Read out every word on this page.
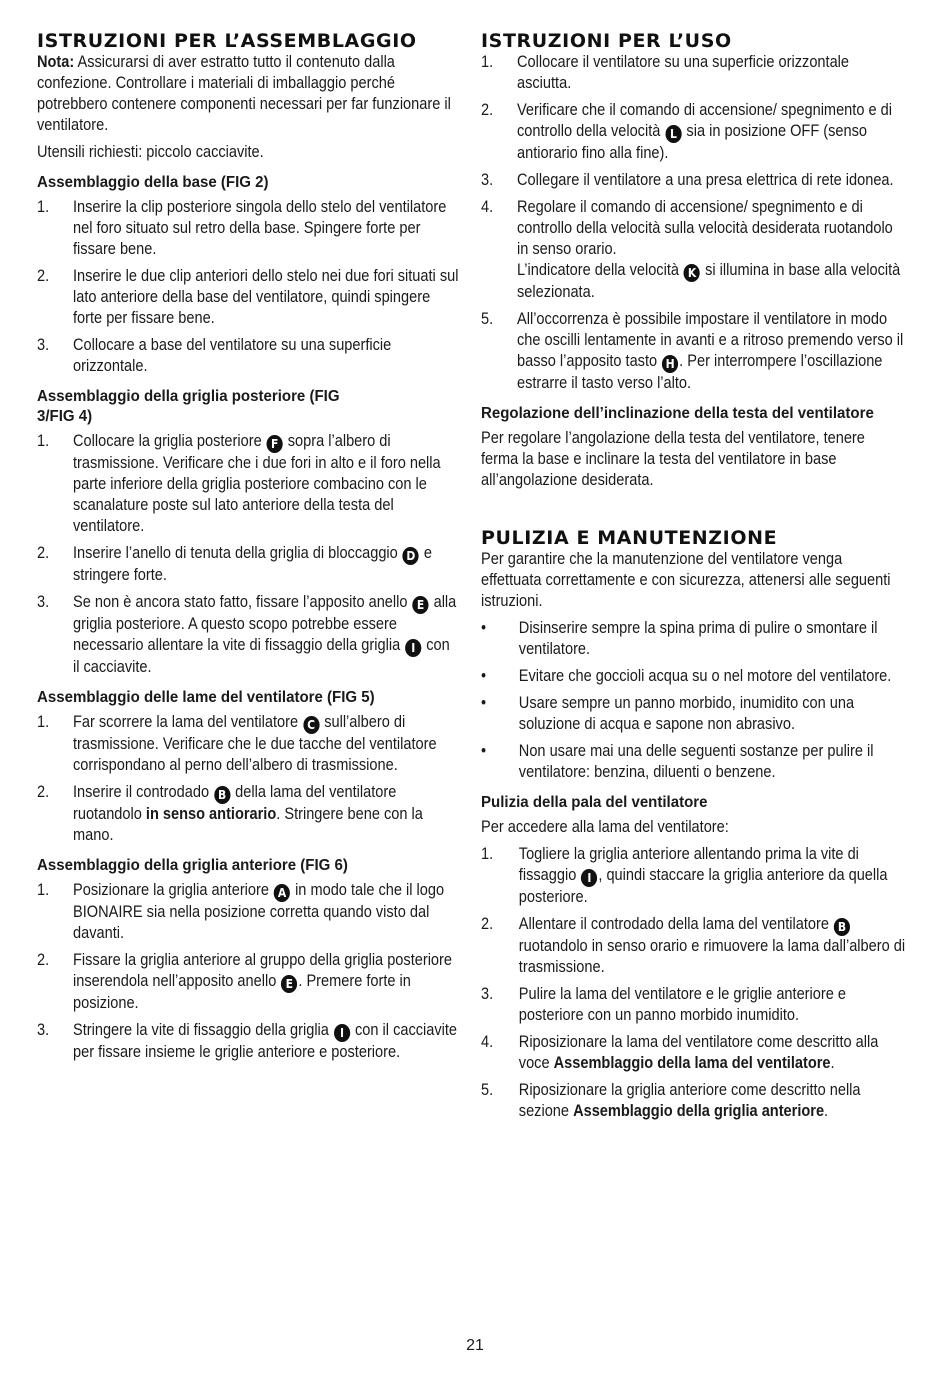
ISTRUZIONI PER L’ASSEMBLAGGIO

Nota: Assicurarsi di aver estratto tutto il contenuto dalla confezione. Controllare i materiali di imballaggio perché potrebbero contenere componenti necessari per far funzionare il ventilatore.

Utensili richiesti: piccolo cacciavite.

Assemblaggio della base (FIG 2)
1. Inserire la clip posteriore singola dello stelo del ventilatore nel foro situato sul retro della base. Spingere forte per fissare bene.
2. Inserire le due clip anteriori dello stelo nei due fori situati sul lato anteriore della base del ventilatore, quindi spingere forte per fissare bene.
3. Collocare a base del ventilatore su una superficie orizzontale.
Assemblaggio della griglia posteriore (FIG 3/FIG 4)
1. Collocare la griglia posteriore F sopra l’albero di trasmissione. Verificare che i due fori in alto e il foro nella parte inferiore della griglia posteriore combacino con le scanalature poste sul lato anteriore della testa del ventilatore.
2. Inserire l’anello di tenuta della griglia di bloccaggio D e stringere forte.
3. Se non è ancora stato fatto, fissare l’apposito anello E alla griglia posteriore. A questo scopo potrebbe essere necessario allentare la vite di fissaggio della griglia I con il cacciavite.
Assemblaggio delle lame del ventilatore (FIG 5)
1. Far scorrere la lama del ventilatore C sull’albero di trasmissione. Verificare che le due tacche del ventilatore corrispondano al perno dell’albero di trasmissione.
2. Inserire il controdado B della lama del ventilatore ruotandolo in senso antiorario. Stringere bene con la mano.
Assemblaggio della griglia anteriore (FIG 6)
1. Posizionare la griglia anteriore A in modo tale che il logo BIONAIRE sia nella posizione corretta quando visto dal davanti.
2. Fissare la griglia anteriore al gruppo della griglia posteriore inserendola nell’apposito anello E . Premere forte in posizione.
3. Stringere la vite di fissaggio della griglia I con il cacciavite per fissare insieme le griglie anteriore e posteriore.
ISTRUZIONI PER L’USO
1. Collocare il ventilatore su una superficie orizzontale asciutta.
2. Verificare che il comando di accensione/ spegnimento e di controllo della velocità L sia in posizione OFF (senso antiorario fino alla fine).
3. Collegare il ventilatore a una presa elettrica di rete idonea.
4. Regolare il comando di accensione/ spegnimento e di controllo della velocità sulla velocità desiderata ruotandolo in senso orario.
L’indicatore della velocità K si illumina in base alla velocità selezionata.
5. All’occorrenza è possibile impostare il ventilatore in modo che oscilli lentamente in avanti e a ritroso premendo verso il basso l’apposito tasto H . Per interrompere l’oscillazione estrarre il tasto verso l’alto.
Regolazione dell’inclinazione della testa del ventilatore

Per regolare l’angolazione della testa del ventilatore, tenere ferma la base e inclinare la testa del ventilatore in base all’angolazione desiderata.

PULIZIA E MANUTENZIONE

Per garantire che la manutenzione del ventilatore venga effettuata correttamente e con sicurezza, attenersi alle seguenti istruzioni.

• Disinserire sempre la spina prima di pulire o smontare il ventilatore.
• Evitare che goccioli acqua su o nel motore del ventilatore.
• Usare sempre un panno morbido, inumidito con una soluzione di acqua e sapone non abrasivo.
• Non usare mai una delle seguenti sostanze per pulire il ventilatore: benzina, diluenti o benzene.
Pulizia della pala del ventilatore

Per accedere alla lama del ventilatore:

1. Togliere la griglia anteriore allentando prima la vite di fissaggio I , quindi staccare la griglia anteriore da quella posteriore.
2. Allentare il controdado della lama del ventilatore B ruotandolo in senso orario e rimuovere la lama dall’albero di trasmissione.
3. Pulire la lama del ventilatore e le griglie anteriore e posteriore con un panno morbido inumidito.
4. Riposizionare la lama del ventilatore come descritto alla voce Assemblaggio della lama del ventilatore.
5. Riposizionare la griglia anteriore come descritto nella sezione Assemblaggio della griglia anteriore.
21
